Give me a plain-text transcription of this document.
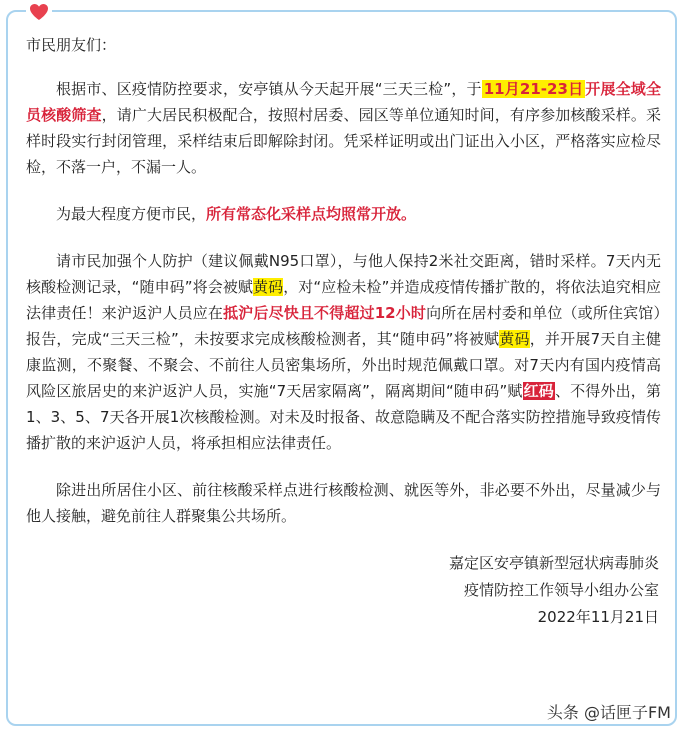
市民朋友们：

根据市、区疫情防控要求，安亭镇从今天起开展“三天三检”，于 11月21-23日 开展全域全员核酸筛查，请广大居民积极配合，按照村居委、园区等单位通知时间，有序参加核酸采样。采样时段实行封闭管理，采样结束后即解除封闭。凭采样证明或出门证出入小区，严格落实应检尽检，不落一户，不漏一人。

为最大程度方便市民，所有常态化采样点均照常开放。

请市民加强个人防护（建议佩戴N95口罩），与他人保持2米社交距离，错时采样。7天内无核酸检测记录，“随申码”将会被赋黄码，对“应检未检”并造成疫情传播扩散的，将依法追究相应法律责任！来沪返沪人员应在抵沪后尽快且不得超过12小时向所在居村委和单位（或所住宾馆）报告，完成“三天三检”，未按要求完成核酸检测者，其“随申码”将被赋黄码，并开展7天自主健康监测，不聚餐、不聚会、不前往人员密集场所，外出时规范佩戴口罩。对7天内有国内疫情高风险区旅居史的来沪返沪人员，实施“7天居家隔离”，隔离期间“随申码”赋红码、不得外出，第1、3、5、7天各开展1次核酸检测。对未及时报备、故意隐瞒及不配合落实防控措施导致疫情传播扩散的来沪返沪人员，将承担相应法律责任。

除进出所居住小区、前往核酸采样点进行核酸检测、就医等外，非必要不外出，尽量减少与他人接触，避免前往人群聚集公共场所。

嘉定区安亭镇新型冠状病毒肺炎
疫情防控工作领导小组办公室
2022年11月21日
头条 @话匣子FM
